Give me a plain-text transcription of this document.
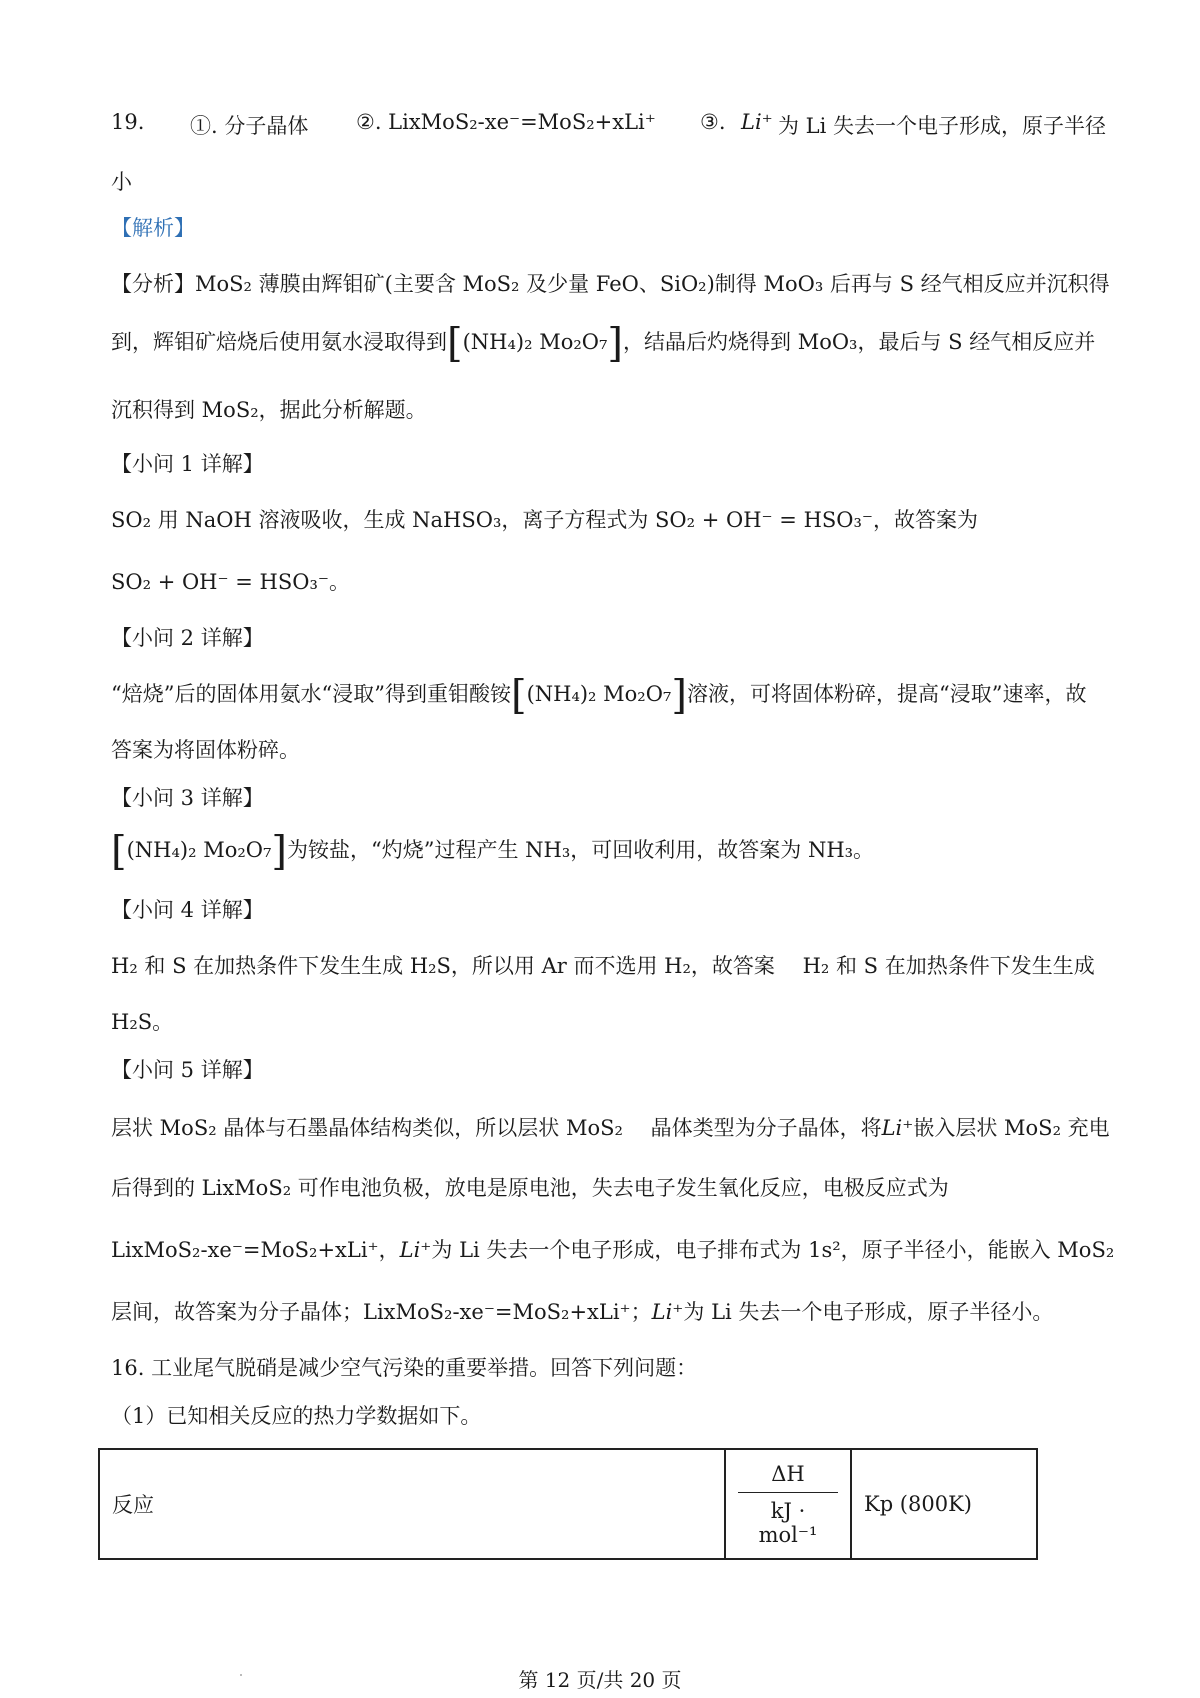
19. ①. 分子晶体 ②. LixMoS₂-xe⁻=MoS₂+xLi⁺ ③. Li⁺ 为 Li 失去一个电子形成，原子半径
小
【解析】
【分析】MoS₂ 薄膜由辉钼矿(主要含 MoS₂ 及少量 FeO、SiO₂)制得 MoO₃ 后再与 S 经气相反应并沉积得
到，辉钼矿焙烧后使用氨水浸取得到[(NH₄)₂ Mo₂O₇]，结晶后灼烧得到 MoO₃，最后与 S 经气相反应并
沉积得到 MoS₂，据此分析解题。
【小问 1 详解】
SO₂ 用 NaOH 溶液吸收，生成 NaHSO₃，离子方程式为 SO₂ + OH⁻ = HSO₃⁻，故答案为
SO₂ + OH⁻ = HSO₃⁻。
【小问 2 详解】
“焙烧”后的固体用氨水“浸取”得到重钼酸铵[(NH₄)₂ Mo₂O₇]溶液，可将固体粉碎，提高“浸取”速率，故
答案为将固体粉碎。
【小问 3 详解】
[(NH₄)₂ Mo₂O₇]为铵盐，“灼烧”过程产生 NH₃，可回收利用，故答案为 NH₃。
【小问 4 详解】
H₂ 和 S 在加热条件下发生生成 H₂S，所以用 Ar 而不选用 H₂，故答案　 H₂ 和 S 在加热条件下发生生成
H₂S。
【小问 5 详解】
层状 MoS₂ 晶体与石墨晶体结构类似，所以层状 MoS₂　 晶体类型为分子晶体，将Li⁺嵌入层状 MoS₂ 充电
后得到的 LixMoS₂ 可作电池负极，放电是原电池，失去电子发生氧化反应，电极反应式为
LixMoS₂-xe⁻=MoS₂+xLi⁺，Li⁺为 Li 失去一个电子形成，电子排布式为 1s²，原子半径小，能嵌入 MoS₂
层间，故答案为分子晶体；LixMoS₂-xe⁻=MoS₂+xLi⁺；Li⁺为 Li 失去一个电子形成，原子半径小。
16. 工业尾气脱硝是减少空气污染的重要举措。回答下列问题：
（1）已知相关反应的热力学数据如下。
反应	$\frac{\Delta H}{\text{kJ · mol⁻¹}}$	Kp (800K)
第 12 页/共 20 页
